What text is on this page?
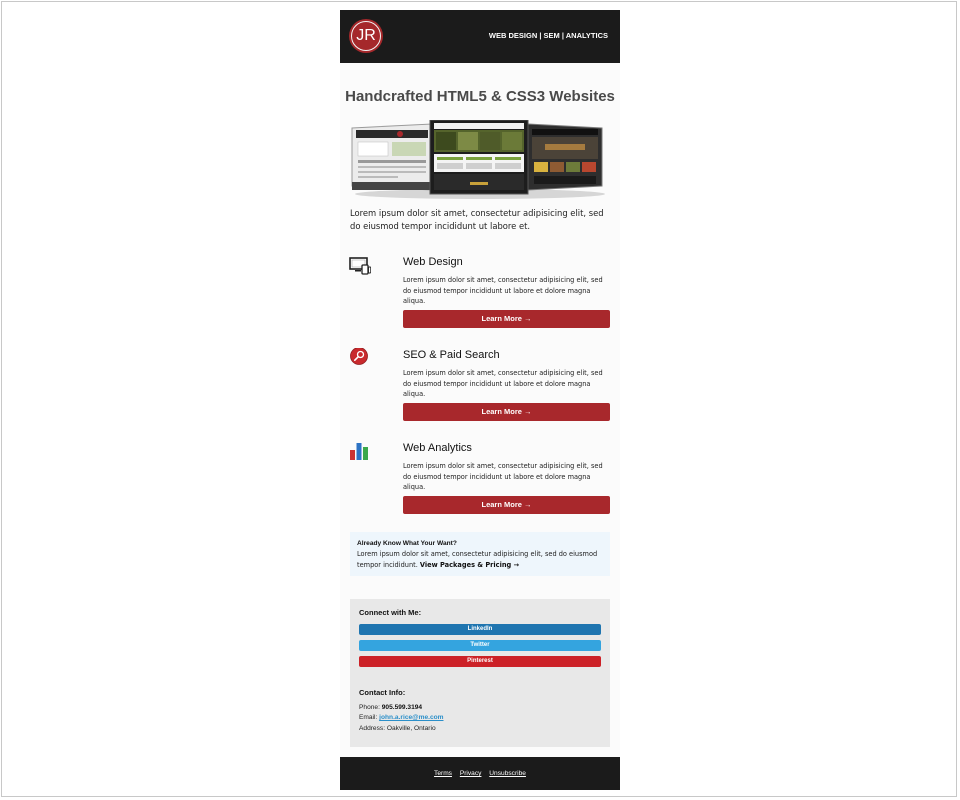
JR	WEB DESIGN | SEM | ANALYTICS
Handcrafted HTML5 & CSS3 Websites
Lorem ipsum dolor sit amet, consectetur adipisicing elit, sed do eiusmod tempor incididunt ut labore et.
Web Design
Lorem ipsum dolor sit amet, consectetur adipisicing elit, sed do eiusmod tempor incididunt ut labore et dolore magna aliqua.
Learn More →
SEO & Paid Search
Lorem ipsum dolor sit amet, consectetur adipisicing elit, sed do eiusmod tempor incididunt ut labore et dolore magna aliqua.
Learn More →
Web Analytics
Lorem ipsum dolor sit amet, consectetur adipisicing elit, sed do eiusmod tempor incididunt ut labore et dolore magna aliqua.
Learn More →
Already Know What Your Want?
Lorem ipsum dolor sit amet, consectetur adipisicing elit, sed do eiusmod tempor incididunt. View Packages & Pricing →
Connect with Me:
LinkedIn
Twitter
Pinterest
Contact Info:
Phone: 905.599.3194
Email: john.a.rice@me.com
Address: Oakville, Ontario
Terms Privacy Unsubscribe
